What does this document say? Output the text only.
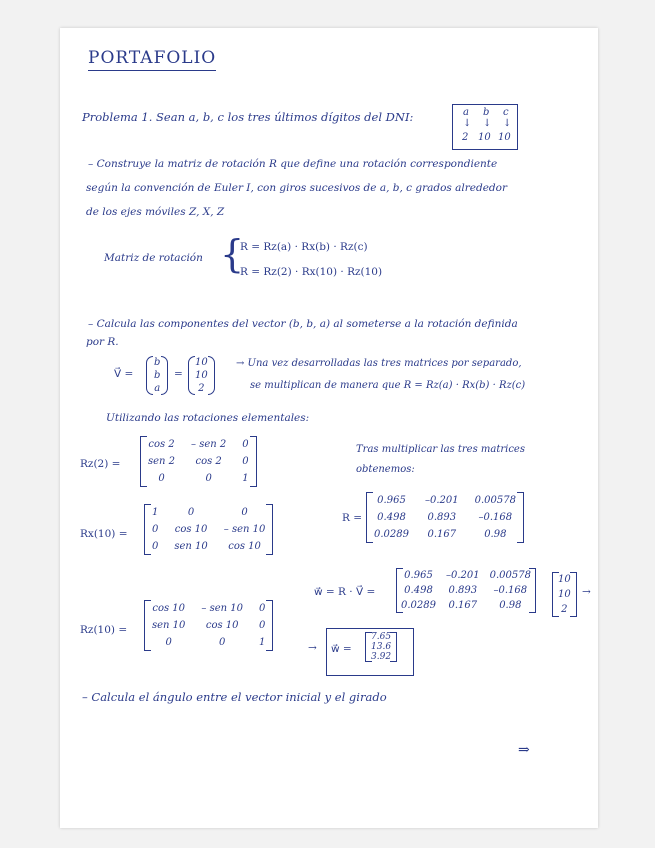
PORTAFOLIO
Problema 1. Sean a, b, c los tres últimos dígitos del DNI:	a b c
↓ ↓ ↓
2 10 10
– Construye la matriz de rotación R que define una rotación correspondiente
según la convención de Euler I, con giros sucesivos de a, b, c grados alrededor
de los ejes móviles Z, X, Z
Matriz de rotación {
R = Rz(a) · Rx(b) · Rz(c)
R = Rz(2) · Rx(10) · Rz(10)
– Calcula las componentes del vector (b, b, a) al someterse a la rotación definida
por R.
V⃗ =
b
b
a
=
10
10
2
→ Una vez desarrolladas las tres matrices por separado,
se multiplican de manera que R = Rz(a) · Rx(b) · Rz(c)
Utilizando las rotaciones elementales:
Rz(2) =
cos 2	– sen 2	0
sen 2	cos 2	0
0	0	1
Tras multiplicar las tres matrices
obtenemos:
R =
0.965	–0.201	0.00578
0.498	0.893	–0.168
0.0289	0.167	0.98
Rx(10) =
1	0	0
0	cos 10	– sen 10
0	sen 10	cos 10
w⃗ = R · V⃗ =
0.965	–0.201	0.00578
0.498	0.893	–0.168
0.0289	0.167	0.98
10
10
2
→
Rz(10) =
cos 10	– sen 10	0
sen 10	cos 10	0
0	0	1	→ w⃗ =
7.65
13.6
3.92
– Calcula el ángulo entre el vector inicial y el girado
⇒
